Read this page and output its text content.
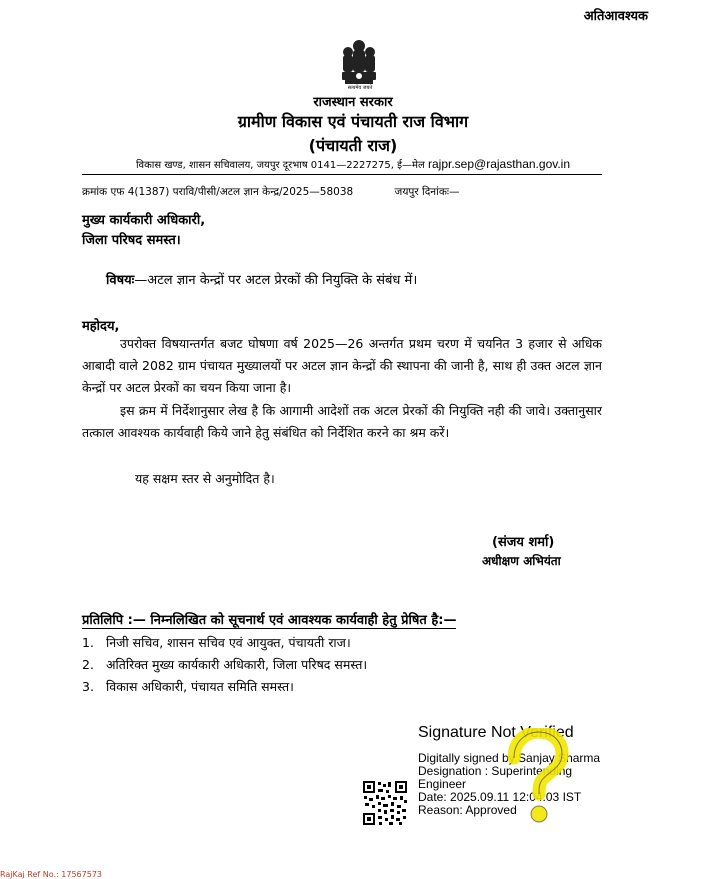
अतिआवश्यक
सत्यमेव जयते
राजस्थान सरकार
ग्रामीण विकास एवं पंचायती राज विभाग
(पंचायती राज)
विकास खण्ड, शासन सचिवालय, जयपुर दूरभाष 0141—2227275, ई—मेल rajpr.sep@rajasthan.gov.in
क्रमांक एफ 4(1387) परावि/पीसी/अटल ज्ञान केन्द्र/2025—58038	जयपुर दिनांकः—
मुख्य कार्यकारी अधिकारी,
जिला परिषद समस्त।
विषयः—अटल ज्ञान केन्द्रों पर अटल प्रेरकों की नियुक्ति के संबंध में।
महोदय,
उपरोक्त विषयान्तर्गत बजट घोषणा वर्ष 2025—26 अन्तर्गत प्रथम चरण में चयनित 3 हजार से अधिक आबादी वाले 2082 ग्राम पंचायत मुख्यालयों पर अटल ज्ञान केन्द्रों की स्थापना की जानी है, साथ ही उक्त अटल ज्ञान केन्द्रों पर अटल प्रेरकों का चयन किया जाना है।
इस क्रम में निर्देशानुसार लेख है कि आगामी आदेशों तक अटल प्रेरकों की नियुक्ति नही की जावे। उक्तानुसार तत्काल आवश्यक कार्यवाही किये जाने हेतु संबंधित को निर्देशित करने का श्रम करें।
यह सक्षम स्तर से अनुमोदित है।
(संजय शर्मा)
अधीक्षण अभियंता
प्रतिलिपि :— निम्नलिखित को सूचनार्थ एवं आवश्यक कार्यवाही हेतु प्रेषित है:—
1. निजी सचिव, शासन सचिव एवं आयुक्त, पंचायती राज।
2. अतिरिक्त मुख्य कार्यकारी अधिकारी, जिला परिषद समस्त।
3. विकास अधिकारी, पंचायत समिति समस्त।
Signature Not Verified
Digitally signed by Sanjay Sharma
Designation : Superintending
Engineer
Date: 2025.09.11 12:04:03 IST
Reason: Approved
RajKaj Ref No.: 17567573
